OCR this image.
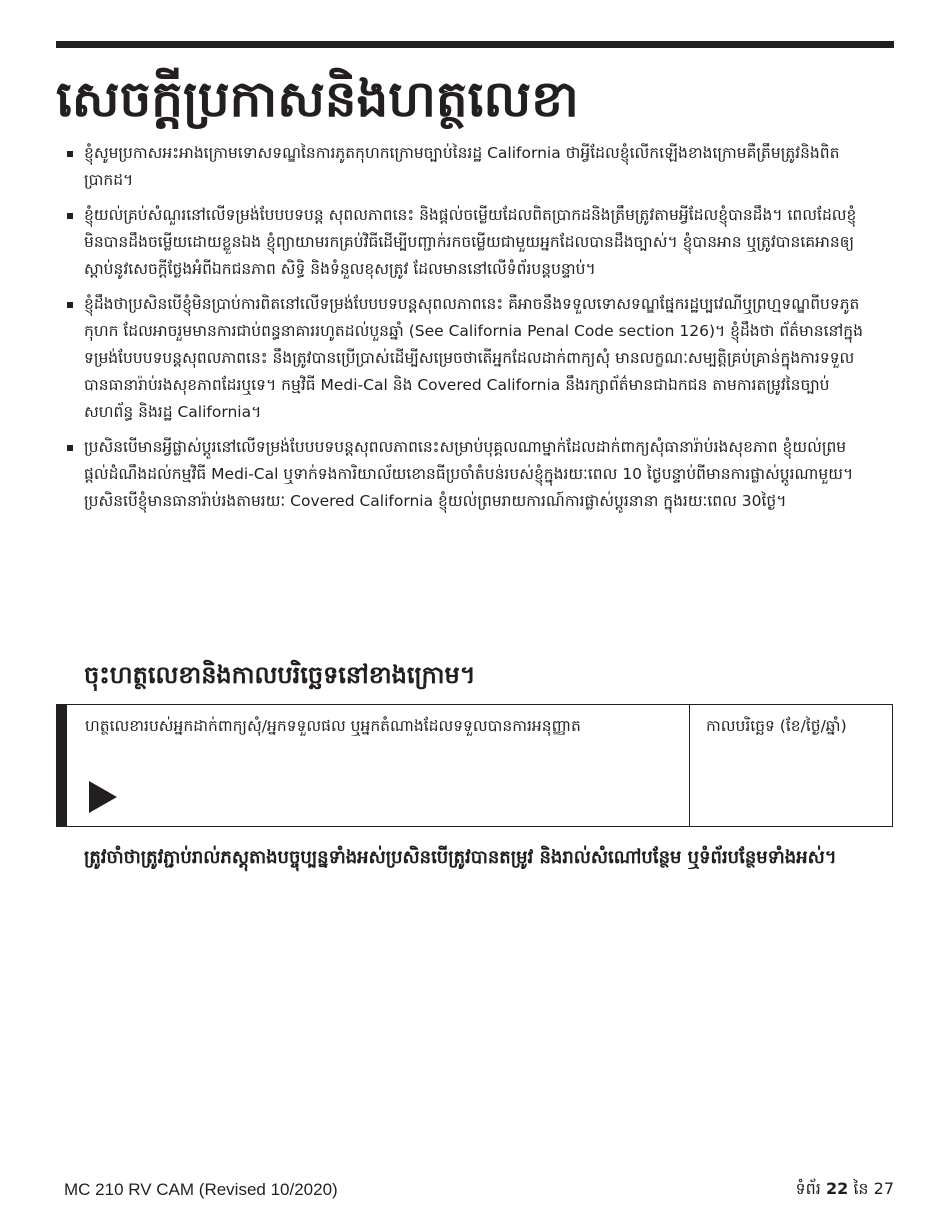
សេចក្តីប្រកាសនិងហត្ថលេខា
ខ្ញុំសូមប្រកាសអះអាងក្រោមទោសទណ្ឌនៃការភូតកុហកក្រោមច្បាប់នៃរដ្ឋ California ថាអ្វីដែលខ្ញុំលើកឡើងខាងក្រោមគឺត្រឹមត្រូវនិងពិតប្រាកដ។
ខ្ញុំយល់គ្រប់សំណួរនៅលើទម្រង់បែបបទបន្ត សុពលភាពនេះ និងផ្តល់ចម្លើយដែលពិតប្រាកដនិងត្រឹមត្រូវតាមអ្វីដែលខ្ញុំបានដឹង។ ពេលដែលខ្ញុំមិនបានដឹងចម្លើយដោយខ្លួនឯង ខ្ញុំព្យាយាមរកគ្រប់វិធីដើម្បីបញ្ជាក់រកចម្លើយជាមួយអ្នកដែលបានដឹងច្បាស់។ ខ្ញុំបានអាន ឬត្រូវបានគេអានឲ្យស្តាប់នូវសេចក្តីថ្លែងអំពីឯកជនភាព សិទ្ធិ និងទំនួលខុសត្រូវ ដែលមាននៅលើទំព័របន្តបន្ទាប់។
ខ្ញុំដឹងថាប្រសិនបើខ្ញុំមិនប្រាប់ការពិតនៅលើទម្រង់បែបបទបន្តសុពលភាពនេះ គឺអាចនឹងទទួលទោសទណ្ឌផ្នែករដ្ឋប្បវេណីឬព្រហ្មទណ្ឌពីបទភូតកុហក ដែលអាចរួមមានការជាប់ពន្ធនាគាររហូតដល់បួនឆ្នាំ (See California Penal Code section 126)។ ខ្ញុំដឹងថា ព័ត៌មាននៅក្នុងទម្រង់បែបបទបន្តសុពលភាពនេះ នឹងត្រូវបានប្រើប្រាស់ដើម្បីសម្រេចថាតើអ្នកដែលដាក់ពាក្យសុំ មានលក្ខណៈសម្បត្តិគ្រប់គ្រាន់ក្នុងការទទួលបានធានារ៉ាប់រងសុខភាពដែរឬទេ។ កម្មវិធី Medi-Cal និង Covered California នឹងរក្សាព័ត៌មានជាឯកជន តាមការតម្រូវនៃច្បាប់សហព័ន្ធ និងរដ្ឋ California។
ប្រសិនបើមានអ្វីផ្លាស់ប្តូរនៅលើទម្រង់បែបបទបន្តសុពលភាពនេះសម្រាប់បុគ្គលណាម្នាក់ដែលដាក់ពាក្យសុំធានារ៉ាប់រងសុខភាព ខ្ញុំយល់ព្រមផ្តល់ដំណឹងដល់កម្មវិធី Medi-Cal ឬទាក់ទងការិយាល័យខោនធីប្រចាំតំបន់របស់ខ្ញុំក្នុងរយៈពេល 10 ថ្ងៃបន្ទាប់ពីមានការផ្លាស់ប្តូរណាមួយ។ ប្រសិនបើខ្ញុំមានធានារ៉ាប់រងតាមរយៈ Covered California ខ្ញុំយល់ព្រមរាយការណ៍ការផ្លាស់ប្តូរនានា ក្នុងរយៈពេល 30ថ្ងៃ។
ចុះហត្ថលេខានិងកាលបរិច្ឆេទនៅខាងក្រោម។
ហត្ថលេខារបស់អ្នកដាក់ពាក្យសុំ/អ្នកទទួលផល ឬអ្នកតំណាងដែលទទួលបានការអនុញ្ញាត	កាលបរិច្ឆេទ (ខែ/ថ្ងៃ/ឆ្នាំ)

ត្រូវចាំថាត្រូវភ្ជាប់រាល់ភស្តុតាងបច្ចុប្បន្នទាំងអស់ប្រសិនបើត្រូវបានតម្រូវ និងរាល់សំណៅបន្ថែម ឬទំព័របន្ថែមទាំងអស់។

MC 210 RV CAM (Revised 10/2020)	ទំព័រ 22 នៃ 27
